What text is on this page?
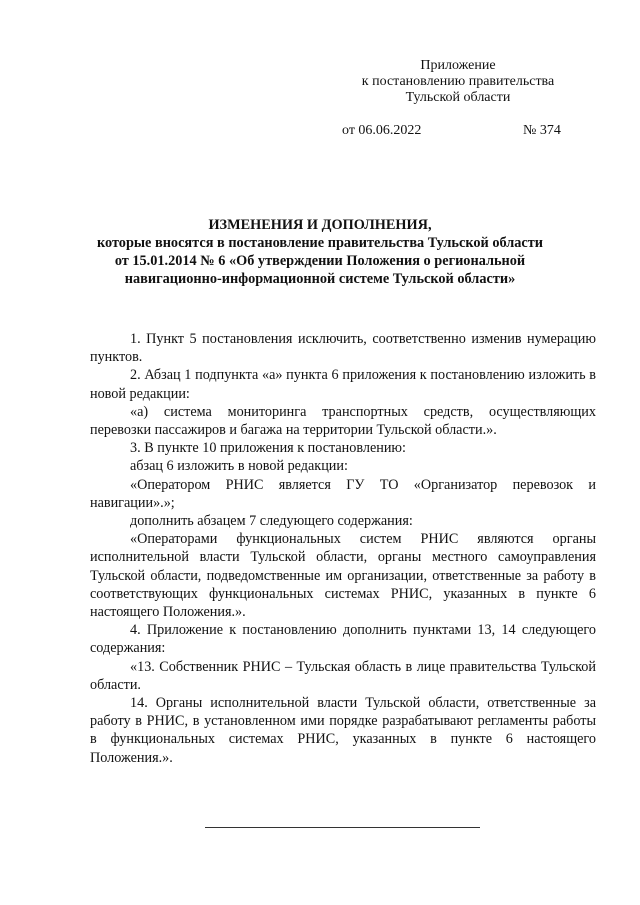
Приложение
к постановлению правительства
Тульской области
от 06.06.2022	№ 374
ИЗМЕНЕНИЯ И ДОПОЛНЕНИЯ,
которые вносятся в постановление правительства Тульской области
от 15.01.2014 № 6 «Об утверждении Положения о региональной
навигационно-информационной системе Тульской области»

1. Пункт 5 постановления исключить, соответственно изменив нумерацию пунктов.

2. Абзац 1 подпункта «а» пункта 6 приложения к постановлению изложить в новой редакции:

«а) система мониторинга транспортных средств, осуществляющих перевозки пассажиров и багажа на территории Тульской области.».

3. В пункте 10 приложения к постановлению:

абзац 6 изложить в новой редакции:

«Оператором РНИС является ГУ ТО «Организатор перевозок и навигации».»;

дополнить абзацем 7 следующего содержания:

«Операторами функциональных систем РНИС являются органы исполнительной власти Тульской области, органы местного самоуправления Тульской области, подведомственные им организации, ответственные за работу в соответствующих функциональных системах РНИС, указанных в пункте 6 настоящего Положения.».

4. Приложение к постановлению дополнить пунктами 13, 14 следующего содержания:

«13. Собственник РНИС – Тульская область в лице правительства Тульской области.

14. Органы исполнительной власти Тульской области, ответственные за работу в РНИС, в установленном ими порядке разрабатывают регламенты работы в функциональных системах РНИС, указанных в пункте 6 настоящего Положения.».
